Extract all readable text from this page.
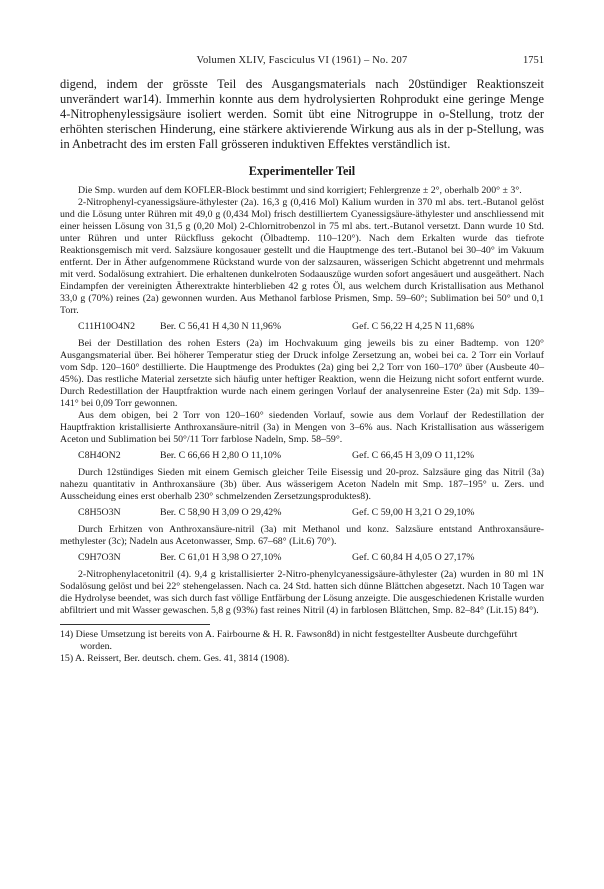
Volumen XLIV, Fasciculus VI (1961) – No. 207	1751

digend, indem der grösste Teil des Ausgangsmaterials nach 20stündiger Reaktionszeit unverändert war14). Immerhin konnte aus dem hydrolysierten Rohprodukt eine geringe Menge 4-Nitrophenylessigsäure isoliert werden. Somit übt eine Nitrogruppe in o-Stellung, trotz der erhöhten sterischen Hinderung, eine stärkere aktivierende Wirkung aus als in der p-Stellung, was in Anbetracht des im ersten Fall grösseren induktiven Effektes verständlich ist.

Experimenteller Teil

Die Smp. wurden auf dem KOFLER-Block bestimmt und sind korrigiert; Fehlergrenze ± 2°, oberhalb 200° ± 3°.

2-Nitrophenyl-cyanessigsäure-äthylester (2a). 16,3 g (0,416 Mol) Kalium wurden in 370 ml abs. tert.-Butanol gelöst und die Lösung unter Rühren mit 49,0 g (0,434 Mol) frisch destilliertem Cyanessigsäure-äthylester und anschliessend mit einer heissen Lösung von 31,5 g (0,20 Mol) 2-Chlornitrobenzol in 75 ml abs. tert.-Butanol versetzt. Dann wurde 10 Std. unter Rühren und unter Rückfluss gekocht (Ölbadtemp. 110–120°). Nach dem Erkalten wurde das tiefrote Reaktionsgemisch mit verd. Salzsäure kongosauer gestellt und die Hauptmenge des tert.-Butanol bei 30–40° im Vakuum entfernt. Der in Äther aufgenommene Rückstand wurde von der salzsauren, wässerigen Schicht abgetrennt und mehrmals mit verd. Sodalösung extrahiert. Die erhaltenen dunkelroten Sodaauszüge wurden sofort angesäuert und ausgeäthert. Nach Eindampfen der vereinigten Ätherextrakte hinterblieben 42 g rotes Öl, aus welchem durch Kristallisation aus Methanol 33,0 g (70%) reines (2a) gewonnen wurden. Aus Methanol farblose Prismen, Smp. 59–60°; Sublimation bei 50° und 0,1 Torr.

C11H10O4N2	Ber. C 56,41 H 4,30 N 11,96%	Gef. C 56,22 H 4,25 N 11,68%

Bei der Destillation des rohen Esters (2a) im Hochvakuum ging jeweils bis zu einer Badtemp. von 120° Ausgangsmaterial über. Bei höherer Temperatur stieg der Druck infolge Zersetzung an, wobei bei ca. 2 Torr ein Vorlauf vom Sdp. 120–160° destillierte. Die Hauptmenge des Produktes (2a) ging bei 2,2 Torr von 160–170° über (Ausbeute 40–45%). Das restliche Material zersetzte sich häufig unter heftiger Reaktion, wenn die Heizung nicht sofort entfernt wurde. Durch Redestillation der Hauptfraktion wurde nach einem geringen Vorlauf der analysenreine Ester (2a) mit Sdp. 139–141° bei 0,09 Torr gewonnen.

Aus dem obigen, bei 2 Torr von 120–160° siedenden Vorlauf, sowie aus dem Vorlauf der Redestillation der Hauptfraktion kristallisierte Anthroxansäure-nitril (3a) in Mengen von 3–6% aus. Nach Kristallisation aus wässerigem Aceton und Sublimation bei 50°/11 Torr farblose Nadeln, Smp. 58–59°.

C8H4ON2	Ber. C 66,66 H 2,80 O 11,10%	Gef. C 66,45 H 3,09 O 11,12%

Durch 12stündiges Sieden mit einem Gemisch gleicher Teile Eisessig und 20-proz. Salzsäure ging das Nitril (3a) nahezu quantitativ in Anthroxansäure (3b) über. Aus wässerigem Aceton Nadeln mit Smp. 187–195° u. Zers. und Ausscheidung eines erst oberhalb 230° schmelzenden Zersetzungsproduktes8).

C8H5O3N	Ber. C 58,90 H 3,09 O 29,42%	Gef. C 59,00 H 3,21 O 29,10%

Durch Erhitzen von Anthroxansäure-nitril (3a) mit Methanol und konz. Salzsäure entstand Anthroxansäure-methylester (3c); Nadeln aus Acetonwasser, Smp. 67–68° (Lit.6) 70°).

C9H7O3N	Ber. C 61,01 H 3,98 O 27,10%	Gef. C 60,84 H 4,05 O 27,17%

2-Nitrophenylacetonitril (4). 9,4 g kristallisierter 2-Nitro-phenylcyanessigsäure-äthylester (2a) wurden in 80 ml 1N Sodalösung gelöst und bei 22° stehengelassen. Nach ca. 24 Std. hatten sich dünne Blättchen abgesetzt. Nach 10 Tagen war die Hydrolyse beendet, was sich durch fast völlige Entfärbung der Lösung anzeigte. Die ausgeschiedenen Kristalle wurden abfiltriert und mit Wasser gewaschen. 5,8 g (93%) fast reines Nitril (4) in farblosen Blättchen, Smp. 82–84° (Lit.15) 84°).

14) Diese Umsetzung ist bereits von A. Fairbourne & H. R. Fawson8d) in nicht festgestellter Ausbeute durchgeführt worden.

15) A. Reissert, Ber. deutsch. chem. Ges. 41, 3814 (1908).
